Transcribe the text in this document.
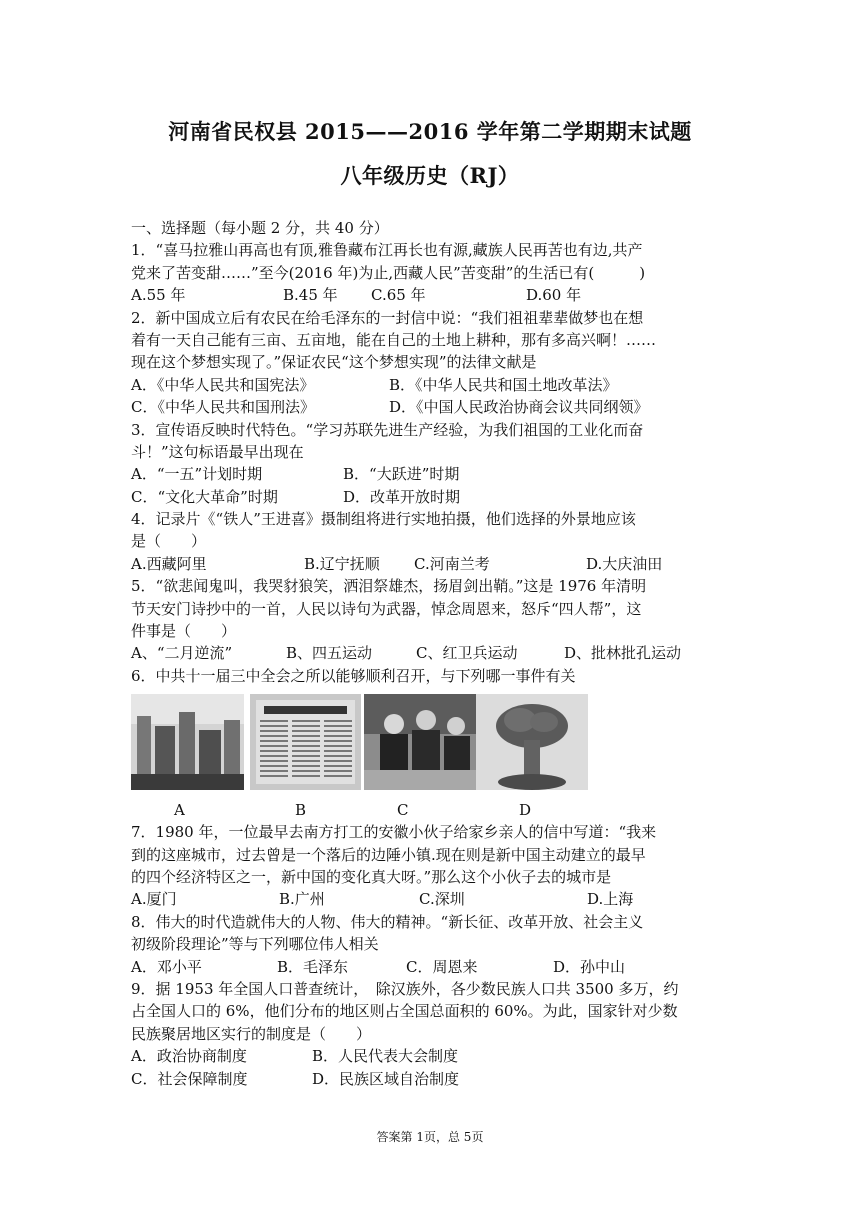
河南省民权县 2015——2016 学年第二学期期末试题
八年级历史（RJ）
一、选择题（每小题 2 分，共 40 分）
1．“喜马拉雅山再高也有顶,雅鲁藏布江再长也有源,藏族人民再苦也有边,共产
党来了苦变甜……”至今(2016 年)为止,西藏人民”苦变甜”的生活已有(　　　)
A.55 年	B.45 年	C.65 年	D.60 年
2．新中国成立后有农民在给毛泽东的一封信中说：“我们祖祖辈辈做梦也在想
着有一天自己能有三亩、五亩地，能在自己的土地上耕种，那有多高兴啊！……
现在这个梦想实现了。”保证农民“这个梦想实现”的法律文献是
A．《中华人民共和国宪法》	B．《中华人民共和国土地改革法》
C．《中华人民共和国刑法》	D．《中国人民政治协商会议共同纲领》
3．宣传语反映时代特色。“学习苏联先进生产经验，为我们祖国的工业化而奋
斗！”这句标语最早出现在
A．“一五”计划时期	B．“大跃进”时期
C．“文化大革命”时期	D．改革开放时期
4．记录片《“铁人”王进喜》摄制组将进行实地拍摄，他们选择的外景地应该
是（　　）
A.西藏阿里	B.辽宁抚顺	C.河南兰考	D.大庆油田
5．“欲悲闻鬼叫，我哭豺狼笑，洒泪祭雄杰，扬眉剑出鞘。”这是 1976 年清明
节天安门诗抄中的一首，人民以诗句为武器，悼念周恩来，怒斥“四人帮”，这
件事是（　　）
A、“二月逆流”	B、四五运动	C、红卫兵运动	D、批林批孔运动
6．中共十一届三中全会之所以能够顺利召开，与下列哪一事件有关
A	B	C	D
7．1980 年，一位最早去南方打工的安徽小伙子给家乡亲人的信中写道：“我来
到的这座城市，过去曾是一个落后的边陲小镇.现在则是新中国主动建立的最早
的四个经济特区之一，新中国的变化真大呀。”那么这个小伙子去的城市是
A.厦门	B.广州	C.深圳	D.上海
8．伟大的时代造就伟大的人物、伟大的精神。“新长征、改革开放、社会主义
初级阶段理论”等与下列哪位伟人相关
A．邓小平	B．毛泽东	C．周恩来	D．孙中山
9．据 1953 年全国人口普查统计，　除汉族外，各少数民族人口共 3500 多万，约
占全国人口的 6%，他们分布的地区则占全国总面积的 60%。为此，国家针对少数
民族聚居地区实行的制度是（　　）
A．政治协商制度	B．人民代表大会制度
C．社会保障制度	D．民族区域自治制度
答案第 1页，总 5页
